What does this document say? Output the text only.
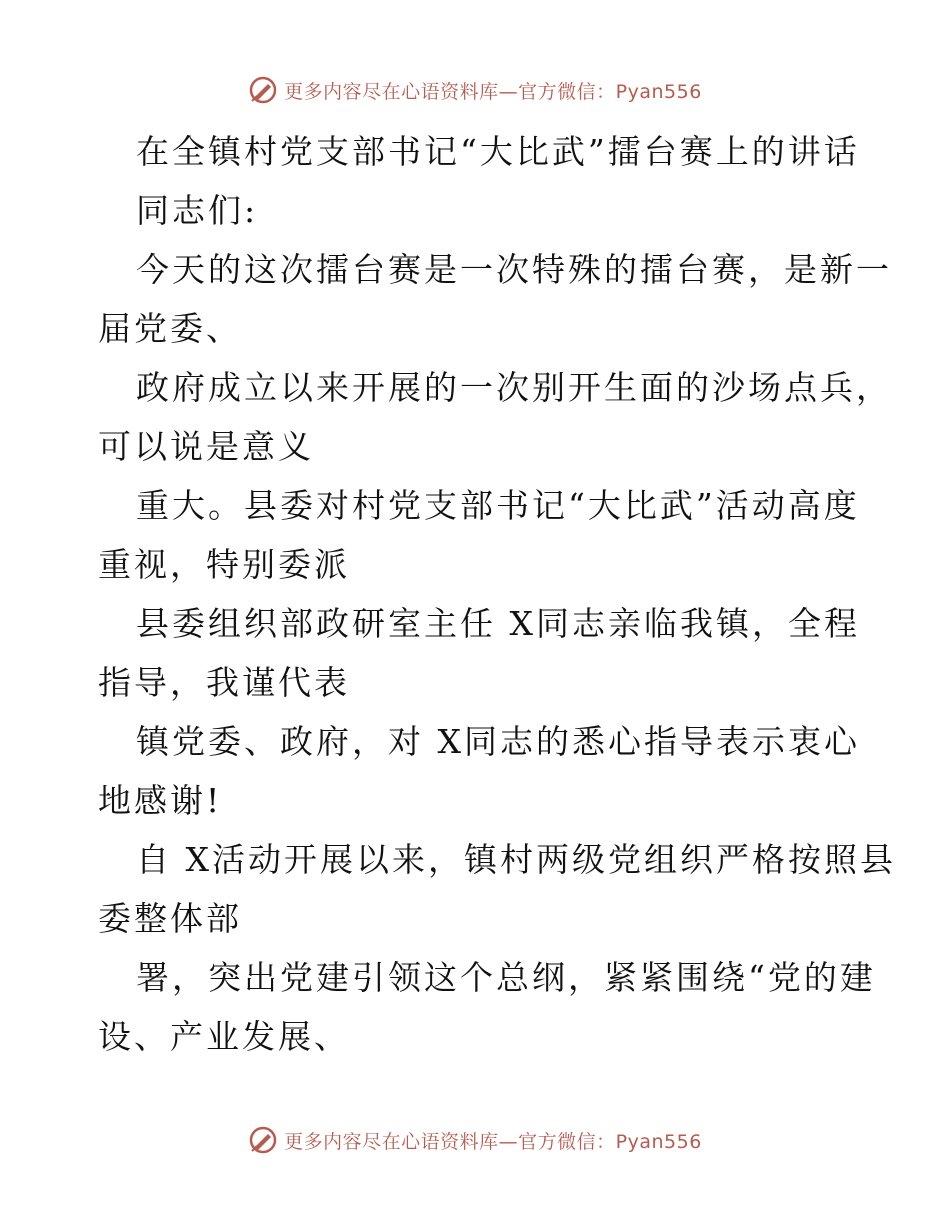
更多内容尽在心语资料库—官方微信：Pyan556
在全镇村党支部书记“大比武”擂台赛上的讲话
同志们:
今天的这次擂台赛是一次特殊的擂台赛，是新一
届党委、
政府成立以来开展的一次别开生面的沙场点兵，
可以说是意义
重大。县委对村党支部书记“大比武”活动高度
重视，特别委派
县委组织部政研室主任 X同志亲临我镇，全程
指导，我谨代表
镇党委、政府，对 X同志的悉心指导表示衷心
地感谢!
自 X活动开展以来，镇村两级党组织严格按照县
委整体部
署，突出党建引领这个总纲，紧紧围绕“党的建
设、产业发展、
更多内容尽在心语资料库—官方微信：Pyan556
